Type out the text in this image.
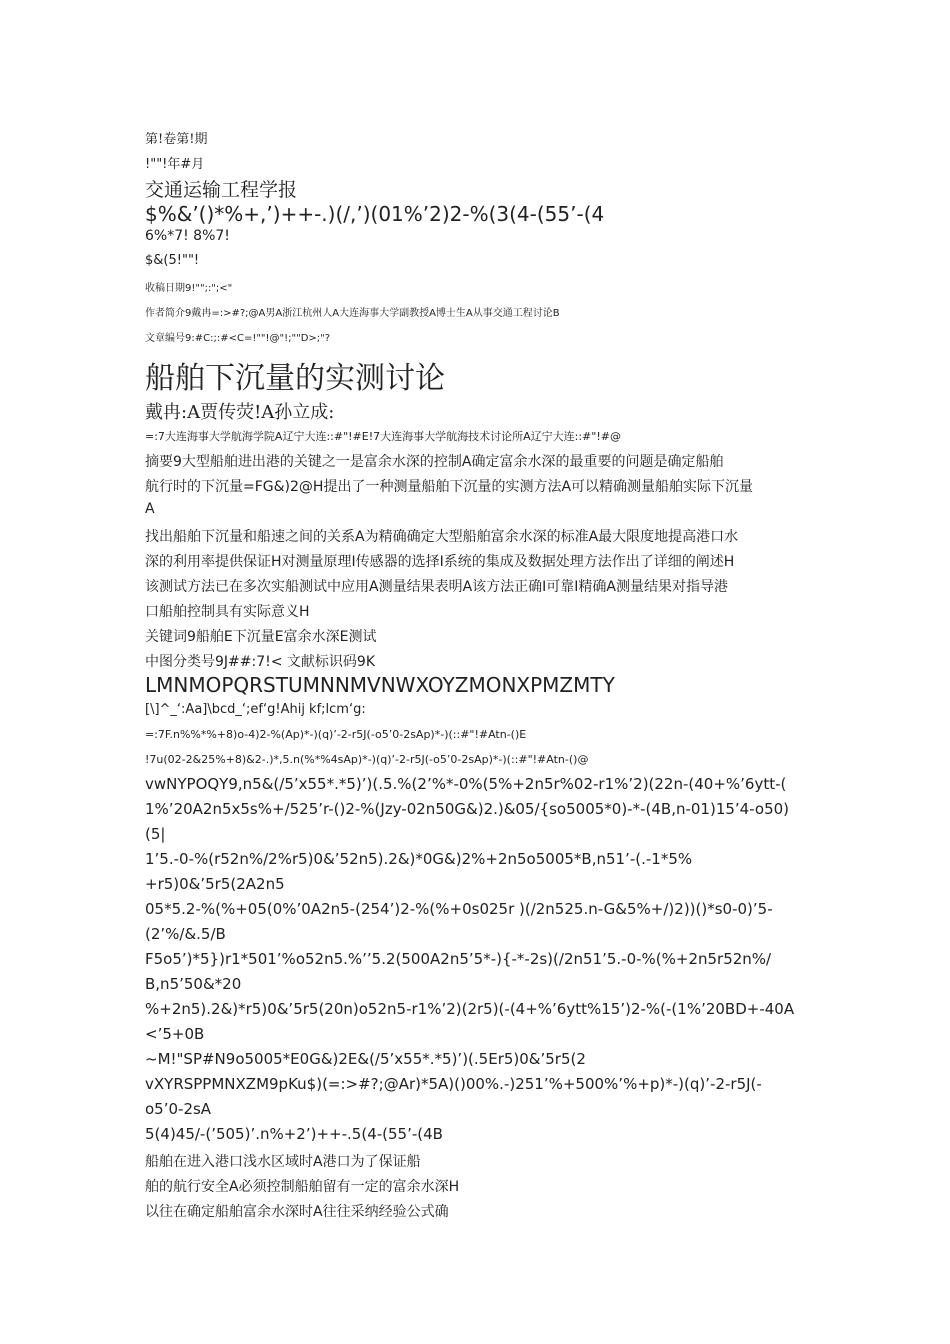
第!卷第!期
!""!年#月
交通运输工程学报
$%&’()*%+,’)++-.)(/,’)(01%’2)2-%(3(4-(55’-(4
6%*7! 8%7!
$&(5!""!
收稿日期9!"";:";<"
作者简介9戴冉=:>#?;@A男A浙江杭州人A大连海事大学副教授A博士生A从事交通工程讨论B
文章编号9:#C:;:#<C=!""!@"!;""D>;"?
船舶下沉量的实测讨论
戴冉:A贾传荧!A孙立成:
=:7大连海事大学航海学院A辽宁大连::#"!#E!7大连海事大学航海技术讨论所A辽宁大连::#"!#@
摘要9大型船舶进出港的关键之一是富余水深的控制A确定富余水深的最重要的问题是确定船舶
航行时的下沉量=FG&)2@H提出了一种测量船舶下沉量的实测方法A可以精确测量船舶实际下沉量
A
找出船舶下沉量和船速之间的关系A为精确确定大型船舶富余水深的标准A最大限度地提高港口水
深的利用率提供保证H对测量原理I传感器的选择I系统的集成及数据处理方法作出了详细的阐述H
该测试方法已在多次实船测试中应用A测量结果表明A该方法正确I可靠I精确A测量结果对指导港
口船舶控制具有实际意义H
关键词9船舶E下沉量E富余水深E测试
中图分类号9J##:7!< 文献标识码9K
LMNMOPQRSTUMNNMVNWXOYZMONXPMZMTY
[\]^_‘:Aa]\bcd_‘;ef‘g!Ahij kf;lcm‘g:
=:7F.n%%*%+8)o-4)2-%(Ap)*-)(q)’-2-r5J(-o5’0-2sAp)*-)(::#"!#Atn-()E
!7u(02-2&25%+8)&2-.)*,5.n(%*%4sAp)*-)(q)’-2-r5J(-o5’0-2sAp)*-)(::#"!#Atn-()@
vwNYPOQY9,n5&(/5’x55*.*5)’)(.5.%(2’%*-0%(5%+2n5r%02-r1%’2)(22n-(40+%’6ytt-(
1%’20A2n5x5s%+/525’r-()2-%(Jzy-02n50G&)2.)&05/{so5005*0)-*-(4B,n-01)15’4-o50)
(5|
1’5.-0-%(r52n%/2%r5)0&’52n5).2&)*0G&)2%+2n5o5005*B,n51’-(.-1*5%
+r5)0&’5r5(2A2n5
05*5.2-%(%+05(0%’0A2n5-(254’)2-%(%+0s025r )(/2n525.n-G&5%+/)2))()*s0-0)’5-
(2’%/&.5/B
F5o5’)*5})r1*501’%o52n5.%’’5.2(500A2n5’5*-){-*-2s)(/2n51’5.-0-%(%+2n5r52n%/
B,n5’50&*20
%+2n5).2&)*r5)0&’5r5(20n)o52n5-r1%’2)(2r5)(-(4+%’6ytt%15’)2-%(-(1%’20BD+-40A
<’5+0B
~M!"SP#N9o5005*E0G&)2E&(/5’x55*.*5)’)(.5Er5)0&’5r5(2
vXYRSPPMNXZM9pKu$)(=:>#?;@Ar)*5A)()00%.-)251’%+500%’%+p)*-)(q)’-2-r5J(-
o5’0-2sA
5(4)45/-(’505)’.n%+2’)++-.5(4-(55’-(4B
船舶在进入港口浅水区域时A港口为了保证船
舶的航行安全A必须控制船舶留有一定的富余水深H
以往在确定船舶富余水深时A往往采纳经验公式确
